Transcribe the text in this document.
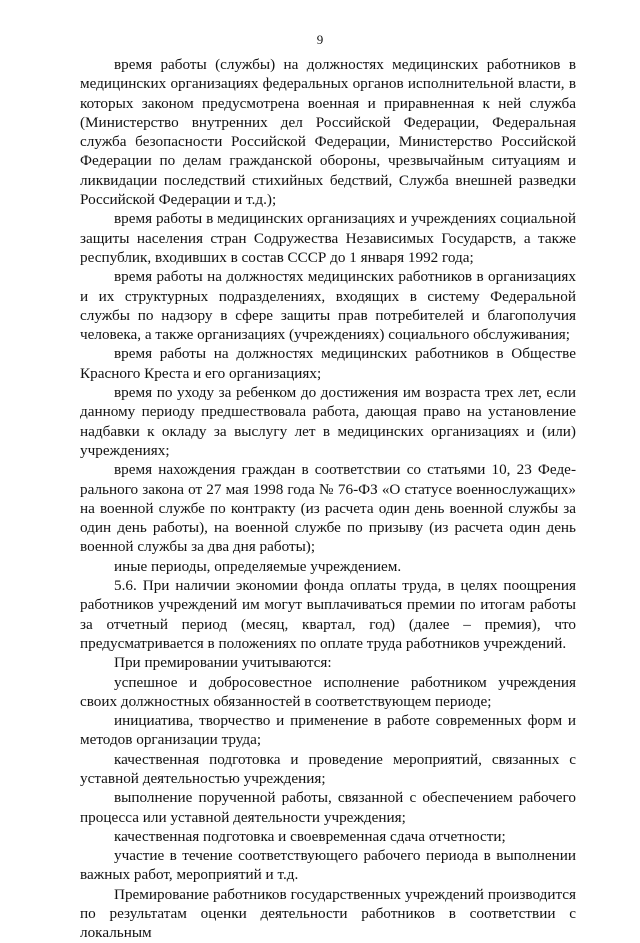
9

время работы (службы) на должностях медицинских работников в медицинских организациях федеральных органов исполнительной власти, в которых законом предусмотрена военная и приравненная к ней служба (Министерство внутренних дел Российской Федерации, Федеральная служба безопасности Российской Федерации, Министерство Российской Федерации по делам гражданской обороны, чрезвычайным ситуациям и ликвидации последствий стихийных бедствий, Служба внешней разведки Российской Федерации и т.д.);

время работы в медицинских организациях и учреждениях социальной защиты населения стран Содружества Независимых Государств, а также республик, входивших в состав СССР до 1 января 1992 года;

время работы на должностях медицинских работников в организациях и их структурных подразделениях, входящих в систему Федеральной службы по надзору в сфере защиты прав потребителей и благополучия человека, а также организациях (учреждениях) социального обслуживания;

время работы на должностях медицинских работников в Обществе Красного Креста и его организациях;

время по уходу за ребенком до достижения им возраста трех лет, если данному периоду предшествовала работа, дающая право на установление надбавки к окладу за выслугу лет в медицинских организациях и (или) учреждениях;

время нахождения граждан в соответствии со статьями 10, 23 Федерального закона от 27 мая 1998 года № 76-ФЗ «О статусе военнослужащих» на военной службе по контракту (из расчета один день военной службы за один день работы), на военной службе по призыву (из расчета один день военной службы за два дня работы);

иные периоды, определяемые учреждением.

5.6. При наличии экономии фонда оплаты труда, в целях поощрения работников учреждений им могут выплачиваться премии по итогам работы за отчетный период (месяц, квартал, год) (далее – премия), что предусматривается в положениях по оплате труда работников учреждений.

При премировании учитываются:

успешное и добросовестное исполнение работником учреждения своих должностных обязанностей в соответствующем периоде;

инициатива, творчество и применение в работе современных форм и методов организации труда;

качественная подготовка и проведение мероприятий, связанных с уставной деятельностью учреждения;

выполнение порученной работы, связанной с обеспечением рабочего процесса или уставной деятельности учреждения;

качественная подготовка и своевременная сдача отчетности;

участие в течение соответствующего рабочего периода в выполнении важных работ, мероприятий и т.д.

Премирование работников государственных учреждений производится по результатам оценки деятельности работников в соответствии с локальным
